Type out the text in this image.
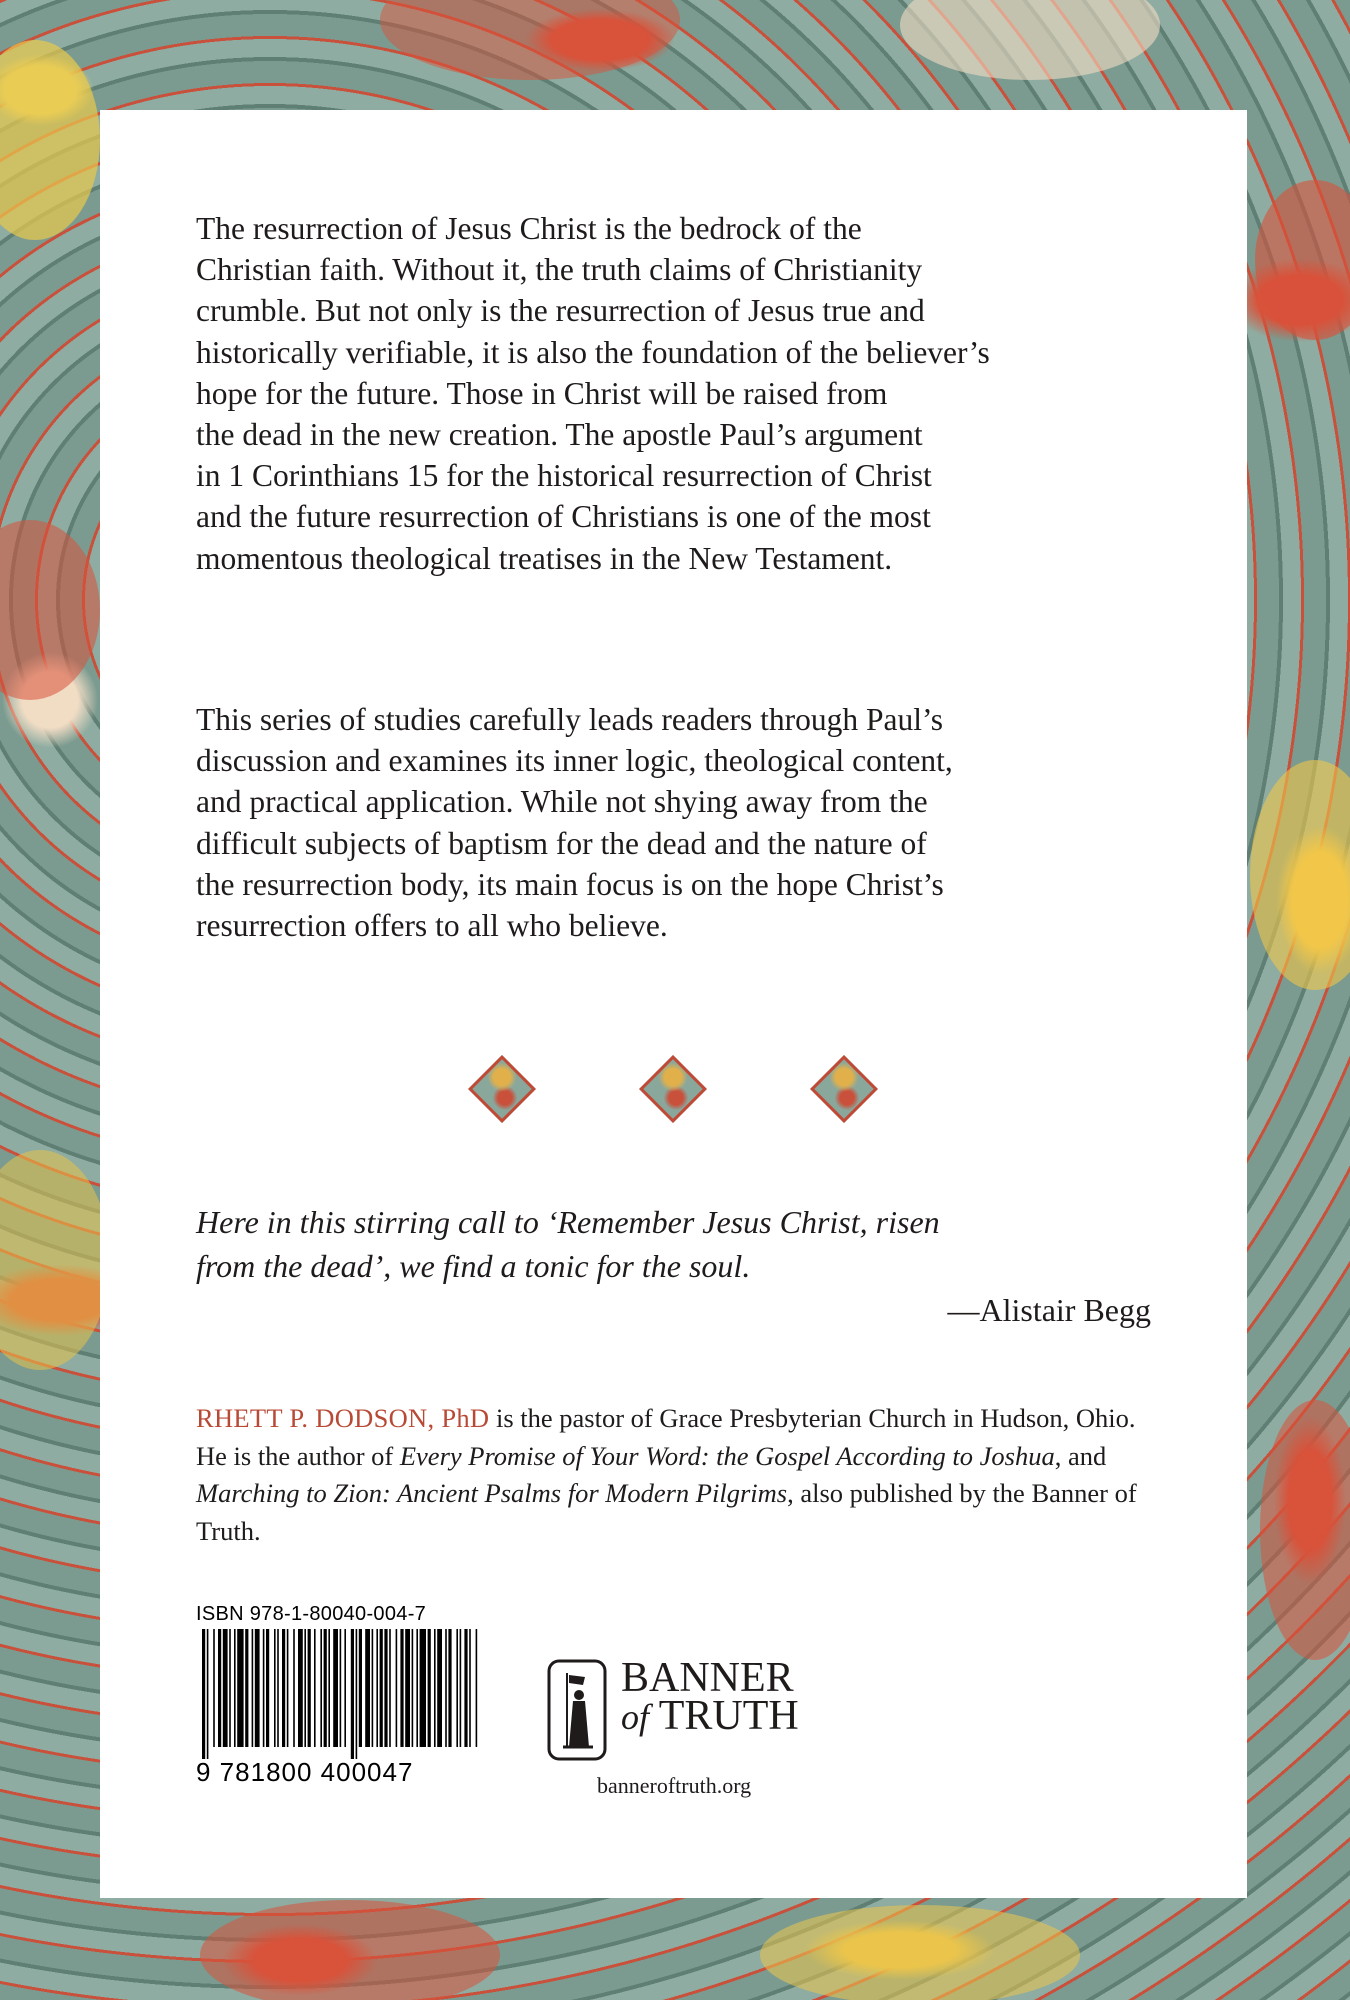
The resurrection of Jesus Christ is the bedrock of the
Christian faith. Without it, the truth claims of Christianity
crumble. But not only is the resurrection of Jesus true and
historically verifiable, it is also the foundation of the believer’s
hope for the future. Those in Christ will be raised from
the dead in the new creation. The apostle Paul’s argument
in 1 Corinthians 15 for the historical resurrection of Christ
and the future resurrection of Christians is one of the most
momentous theological treatises in the New Testament.
This series of studies carefully leads readers through Paul’s
discussion and examines its inner logic, theological content,
and practical application. While not shying away from the
difficult subjects of baptism for the dead and the nature of
the resurrection body, its main focus is on the hope Christ’s
resurrection offers to all who believe.
Here in this stirring call to ‘Remember Jesus Christ, risen
from the dead’, we find a tonic for the soul.
—Alistair Begg
RHETT P. DODSON, PhD is the pastor of Grace Presbyterian Church in Hudson, Ohio. He is the author of Every Promise of Your Word: the Gospel According to Joshua, and Marching to Zion: Ancient Psalms for Modern Pilgrims, also published by the Banner of Truth.
ISBN 978-1-80040-004-7
9 781800 400047
BANNER
of TRUTH
banneroftruth.org
